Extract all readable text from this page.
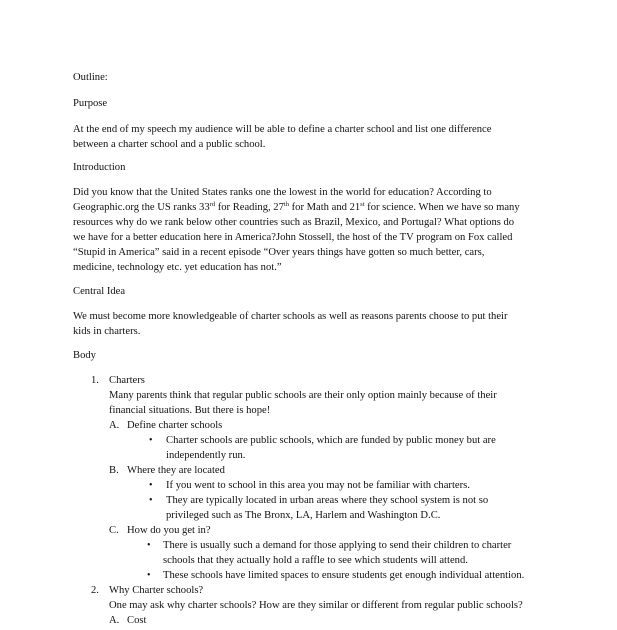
Outline:
Purpose
At the end of my speech my audience will be able to define a charter school and list one difference
between a charter school and a public school.
Introduction
Did you know that the United States ranks one the lowest in the world for education? According to
Geographic.org the US ranks 33rd for Reading, 27th for Math and 21st for science. When we have so many
resources why do we rank below other countries such as Brazil, Mexico, and Portugal? What options do
we have for a better education here in America?John Stossell, the host of the TV program on Fox called
“Stupid in America” said in a recent episode “Over years things have gotten so much better, cars,
medicine, technology etc. yet education has not.”
Central Idea
We must become more knowledgeable of charter schools as well as reasons parents choose to put their
kids in charters.
Body
1. Charters
Many parents think that regular public schools are their only option mainly because of their
financial situations. But there is hope!
A. Define charter schools
• Charter schools are public schools, which are funded by public money but are
independently run.
B. Where they are located
• If you went to school in this area you may not be familiar with charters.
• They are typically located in urban areas where they school system is not so
privileged such as The Bronx, LA, Harlem and Washington D.C.
C. How do you get in?
• There is usually such a demand for those applying to send their children to charter
schools that they actually hold a raffle to see which students will attend.
• These schools have limited spaces to ensure students get enough individual attention.
2. Why Charter schools?
One may ask why charter schools? How are they similar or different from regular public schools?
A. Cost
